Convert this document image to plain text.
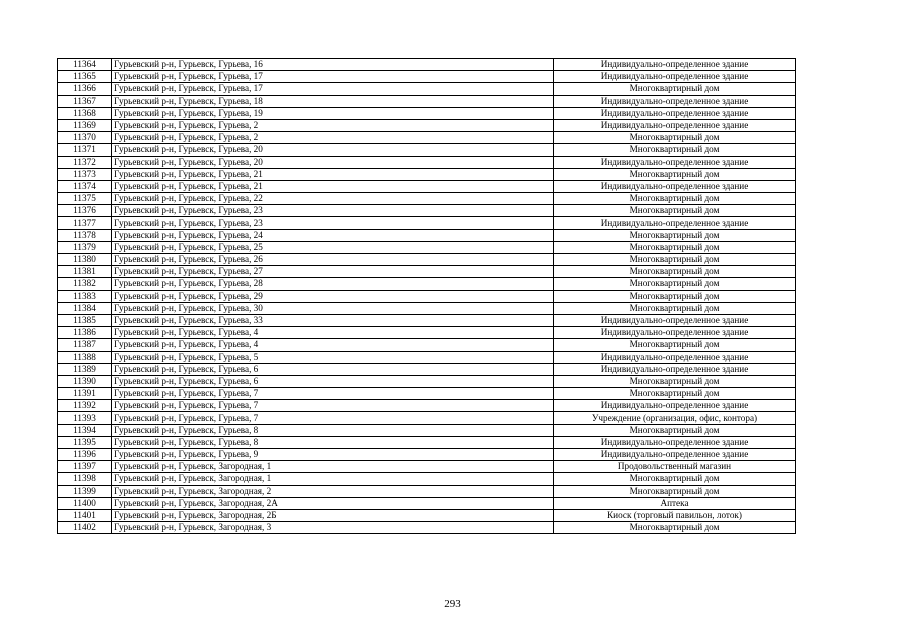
11364	Гурьевский р-н, Гурьевск, Гурьева, 16	Индивидуально-определенное здание
11365	Гурьевский р-н, Гурьевск, Гурьева, 17	Индивидуально-определенное здание
11366	Гурьевский р-н, Гурьевск, Гурьева, 17	Многоквартирный дом
11367	Гурьевский р-н, Гурьевск, Гурьева, 18	Индивидуально-определенное здание
11368	Гурьевский р-н, Гурьевск, Гурьева, 19	Индивидуально-определенное здание
11369	Гурьевский р-н, Гурьевск, Гурьева, 2	Индивидуально-определенное здание
11370	Гурьевский р-н, Гурьевск, Гурьева, 2	Многоквартирный дом
11371	Гурьевский р-н, Гурьевск, Гурьева, 20	Многоквартирный дом
11372	Гурьевский р-н, Гурьевск, Гурьева, 20	Индивидуально-определенное здание
11373	Гурьевский р-н, Гурьевск, Гурьева, 21	Многоквартирный дом
11374	Гурьевский р-н, Гурьевск, Гурьева, 21	Индивидуально-определенное здание
11375	Гурьевский р-н, Гурьевск, Гурьева, 22	Многоквартирный дом
11376	Гурьевский р-н, Гурьевск, Гурьева, 23	Многоквартирный дом
11377	Гурьевский р-н, Гурьевск, Гурьева, 23	Индивидуально-определенное здание
11378	Гурьевский р-н, Гурьевск, Гурьева, 24	Многоквартирный дом
11379	Гурьевский р-н, Гурьевск, Гурьева, 25	Многоквартирный дом
11380	Гурьевский р-н, Гурьевск, Гурьева, 26	Многоквартирный дом
11381	Гурьевский р-н, Гурьевск, Гурьева, 27	Многоквартирный дом
11382	Гурьевский р-н, Гурьевск, Гурьева, 28	Многоквартирный дом
11383	Гурьевский р-н, Гурьевск, Гурьева, 29	Многоквартирный дом
11384	Гурьевский р-н, Гурьевск, Гурьева, 30	Многоквартирный дом
11385	Гурьевский р-н, Гурьевск, Гурьева, 33	Индивидуально-определенное здание
11386	Гурьевский р-н, Гурьевск, Гурьева, 4	Индивидуально-определенное здание
11387	Гурьевский р-н, Гурьевск, Гурьева, 4	Многоквартирный дом
11388	Гурьевский р-н, Гурьевск, Гурьева, 5	Индивидуально-определенное здание
11389	Гурьевский р-н, Гурьевск, Гурьева, 6	Индивидуально-определенное здание
11390	Гурьевский р-н, Гурьевск, Гурьева, 6	Многоквартирный дом
11391	Гурьевский р-н, Гурьевск, Гурьева, 7	Многоквартирный дом
11392	Гурьевский р-н, Гурьевск, Гурьева, 7	Индивидуально-определенное здание
11393	Гурьевский р-н, Гурьевск, Гурьева, 7	Учреждение (организация, офис, контора)
11394	Гурьевский р-н, Гурьевск, Гурьева, 8	Многоквартирный дом
11395	Гурьевский р-н, Гурьевск, Гурьева, 8	Индивидуально-определенное здание
11396	Гурьевский р-н, Гурьевск, Гурьева, 9	Индивидуально-определенное здание
11397	Гурьевский р-н, Гурьевск, Загородная, 1	Продовольственный магазин
11398	Гурьевский р-н, Гурьевск, Загородная, 1	Многоквартирный дом
11399	Гурьевский р-н, Гурьевск, Загородная, 2	Многоквартирный дом
11400	Гурьевский р-н, Гурьевск, Загородная, 2А	Аптека
11401	Гурьевский р-н, Гурьевск, Загородная, 2Б	Киоск (торговый павильон, лоток)
11402	Гурьевский р-н, Гурьевск, Загородная, 3	Многоквартирный дом
293
